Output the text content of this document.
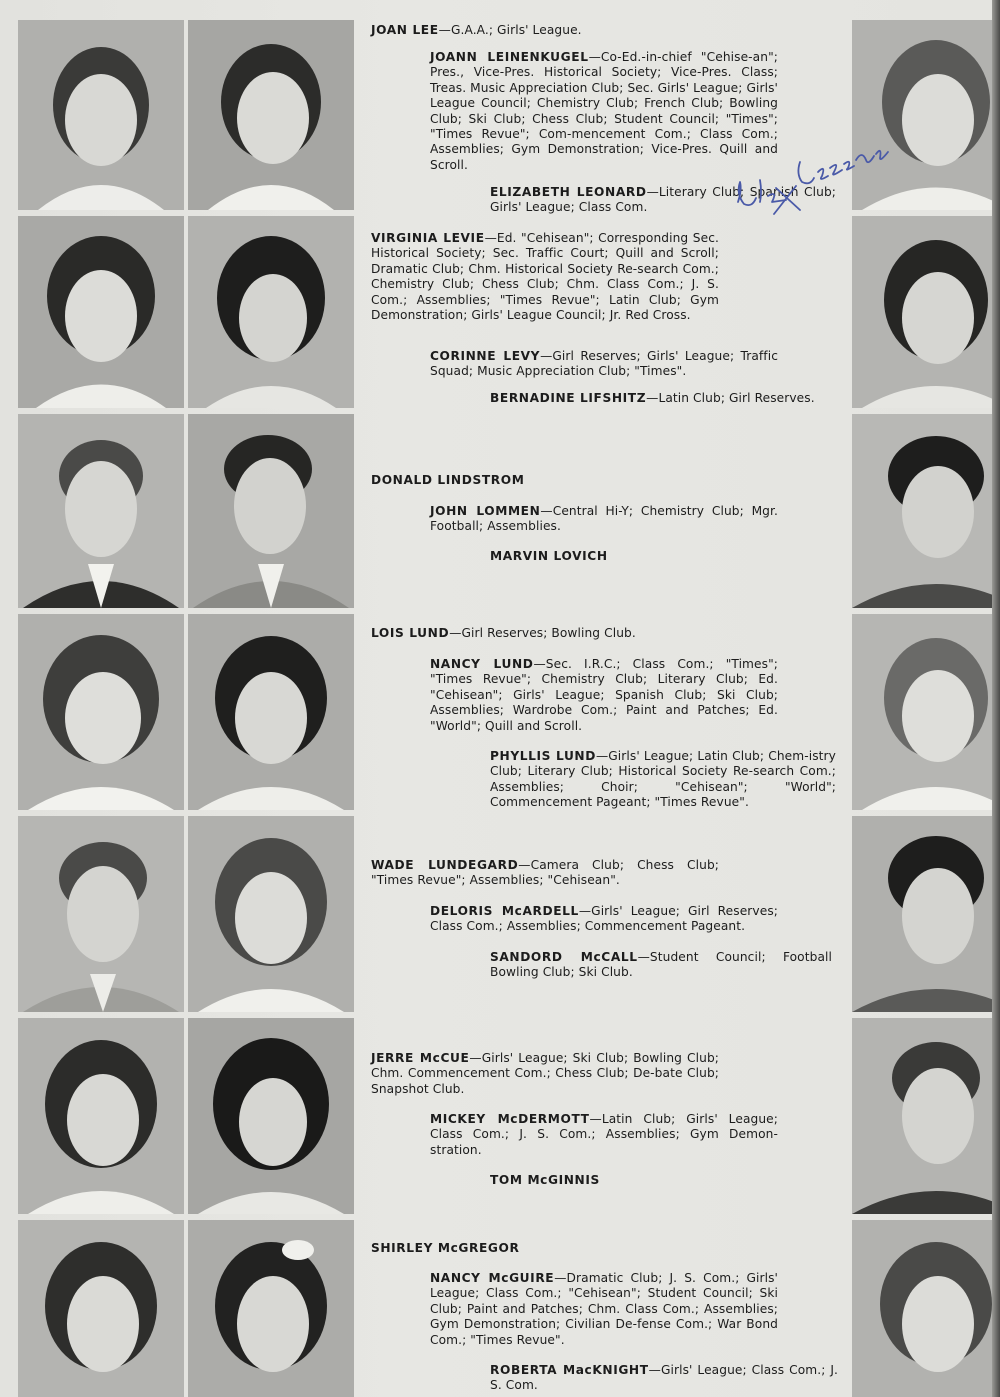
JOAN LEE—G.A.A.; Girls' League.
JOANN LEINENKUGEL—Co-Ed.-in-chief "Cehise-an"; Pres., Vice-Pres. Historical Society; Vice-Pres. Class; Treas. Music Appreciation Club; Sec. Girls' League; Girls' League Council; Chemistry Club; French Club; Bowling Club; Ski Club; Chess Club; Student Council; "Times"; "Times Revue"; Com-mencement Com.; Class Com.; Assemblies; Gym Demonstration; Vice-Pres. Quill and Scroll.
ELIZABETH LEONARD—Literary Club; Spanish Club; Girls' League; Class Com.
VIRGINIA LEVIE—Ed. "Cehisean"; Corresponding Sec. Historical Society; Sec. Traffic Court; Quill and Scroll; Dramatic Club; Chm. Historical Society Re-search Com.; Chemistry Club; Chess Club; Chm. Class Com.; J. S. Com.; Assemblies; "Times Revue"; Latin Club; Gym Demonstration; Girls' League Council; Jr. Red Cross.
CORINNE LEVY—Girl Reserves; Girls' League; Traffic Squad; Music Appreciation Club; "Times".
BERNADINE LIFSHITZ—Latin Club; Girl Reserves.
DONALD LINDSTROM
JOHN LOMMEN—Central Hi-Y; Chemistry Club; Mgr. Football; Assemblies.
MARVIN LOVICH
LOIS LUND—Girl Reserves; Bowling Club.
NANCY LUND—Sec. I.R.C.; Class Com.; "Times"; "Times Revue"; Chemistry Club; Literary Club; Ed. "Cehisean"; Girls' League; Spanish Club; Ski Club; Assemblies; Wardrobe Com.; Paint and Patches; Ed. "World"; Quill and Scroll.
PHYLLIS LUND—Girls' League; Latin Club; Chem-istry Club; Literary Club; Historical Society Re-search Com.; Assemblies; Choir; "Cehisean"; "World"; Commencement Pageant; "Times Revue".
WADE LUNDEGARD—Camera Club; Chess Club; "Times Revue"; Assemblies; "Cehisean".
DELORIS McARDELL—Girls' League; Girl Reserves; Class Com.; Assemblies; Commencement Pageant.
SANDORD McCALL—Student Council; Football Bowling Club; Ski Club.
JERRE McCUE—Girls' League; Ski Club; Bowling Club; Chm. Commencement Com.; Chess Club; De-bate Club; Snapshot Club.
MICKEY McDERMOTT—Latin Club; Girls' League; Class Com.; J. S. Com.; Assemblies; Gym Demon-stration.
TOM McGINNIS
SHIRLEY McGREGOR
NANCY McGUIRE—Dramatic Club; J. S. Com.; Girls' League; Class Com.; "Cehisean"; Student Council; Ski Club; Paint and Patches; Chm. Class Com.; Assemblies; Gym Demonstration; Civilian De-fense Com.; War Bond Com.; "Times Revue".
ROBERTA MacKNIGHT—Girls' League; Class Com.; J. S. Com.
